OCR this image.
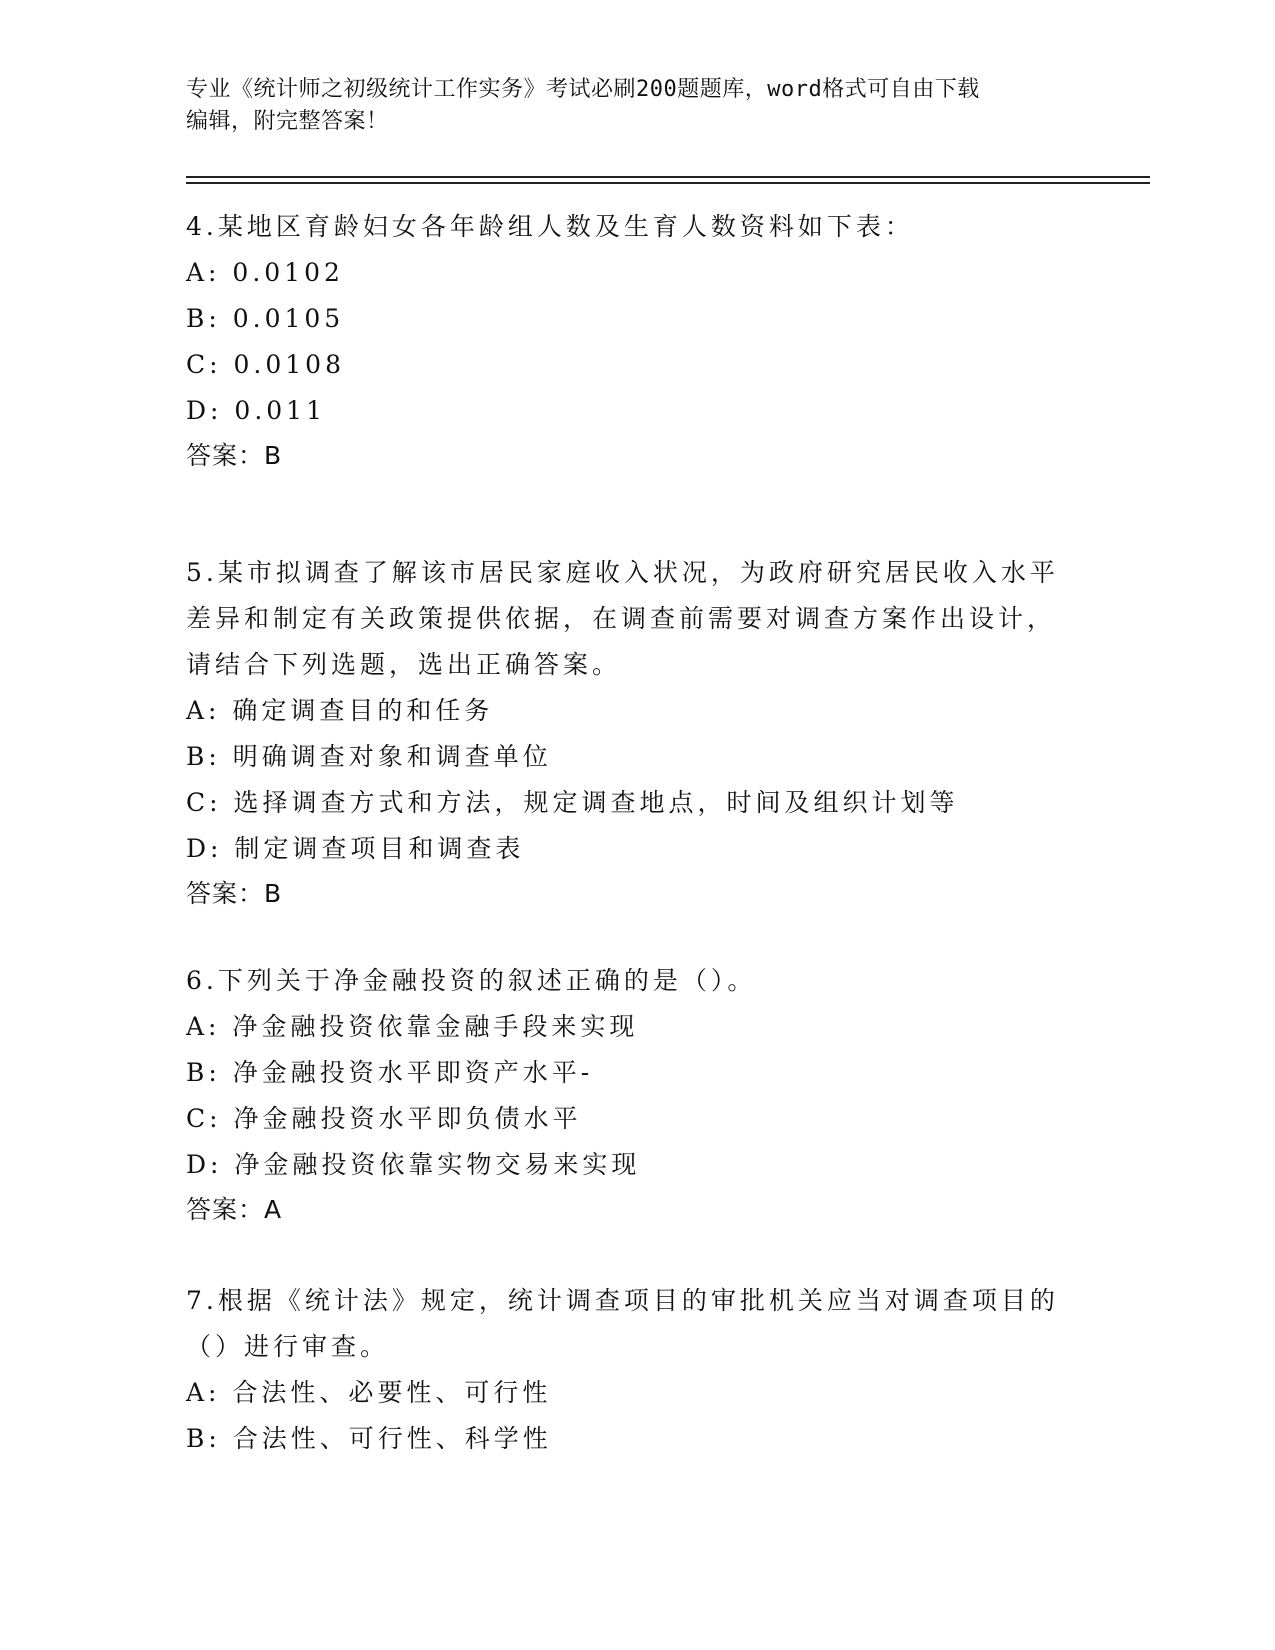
专业《统计师之初级统计工作实务》考试必刷200题题库，word格式可自由下载
编辑，附完整答案！
4.某地区育龄妇女各年龄组人数及生育人数资料如下表：
A: 0.0102
B: 0.0105
C: 0.0108
D: 0.011
答案：B
5.某市拟调查了解该市居民家庭收入状况，为政府研究居民收入水平
差异和制定有关政策提供依据，在调查前需要对调查方案作出设计，
请结合下列选题，选出正确答案。
A: 确定调查目的和任务
B: 明确调查对象和调查单位
C: 选择调查方式和方法，规定调查地点，时间及组织计划等
D: 制定调查项目和调查表
答案：B
6.下列关于净金融投资的叙述正确的是（）。
A: 净金融投资依靠金融手段来实现
B: 净金融投资水平即资产水平-
C: 净金融投资水平即负债水平
D: 净金融投资依靠实物交易来实现
答案：A
7.根据《统计法》规定，统计调查项目的审批机关应当对调查项目的
（）进行审查。
A: 合法性、必要性、可行性
B: 合法性、可行性、科学性
